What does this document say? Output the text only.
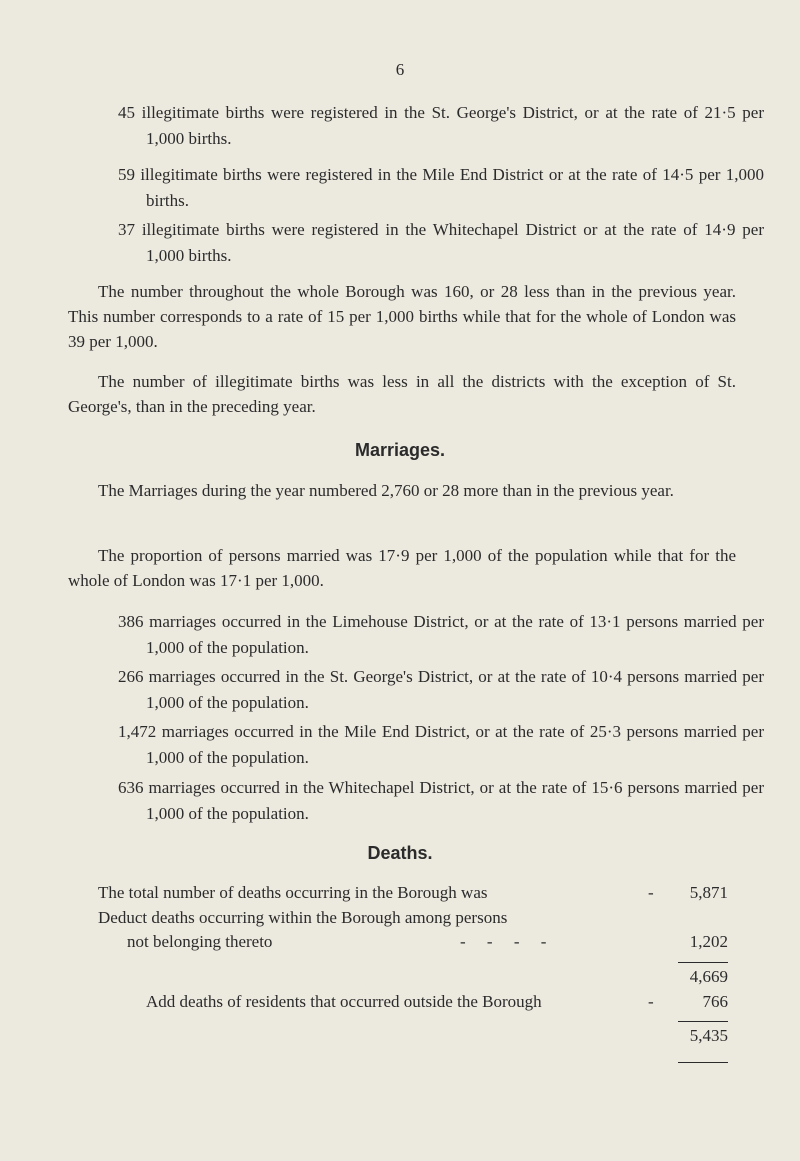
6
45 illegitimate births were registered in the St. George's District, or at the rate of 21·5 per 1,000 births.
59 illegitimate births were registered in the Mile End District or at the rate of 14·5 per 1,000 births.
37 illegitimate births were registered in the Whitechapel District or at the rate of 14·9 per 1,000 births.
The number throughout the whole Borough was 160, or 28 less than in the previous year. This number corresponds to a rate of 15 per 1,000 births while that for the whole of London was 39 per 1,000.
The number of illegitimate births was less in all the districts with the exception of St. George's, than in the preceding year.
Marriages.
The Marriages during the year numbered 2,760 or 28 more than in the previous year.
The proportion of persons married was 17·9 per 1,000 of the population while that for the whole of London was 17·1 per 1,000.
386 marriages occurred in the Limehouse District, or at the rate of 13·1 persons married per 1,000 of the population.
266 marriages occurred in the St. George's District, or at the rate of 10·4 persons married per 1,000 of the population.
1,472 marriages occurred in the Mile End District, or at the rate of 25·3 persons married per 1,000 of the population.
636 marriages occurred in the Whitechapel District, or at the rate of 15·6 persons married per 1,000 of the population.
Deaths.
The total number of deaths occurring in the Borough was	-	5,871
Deduct deaths occurring within the Borough among persons
not belonging thereto	-     -     -     -	1,202
4,669
Add deaths of residents that occurred outside the Borough	-	766
5,435
